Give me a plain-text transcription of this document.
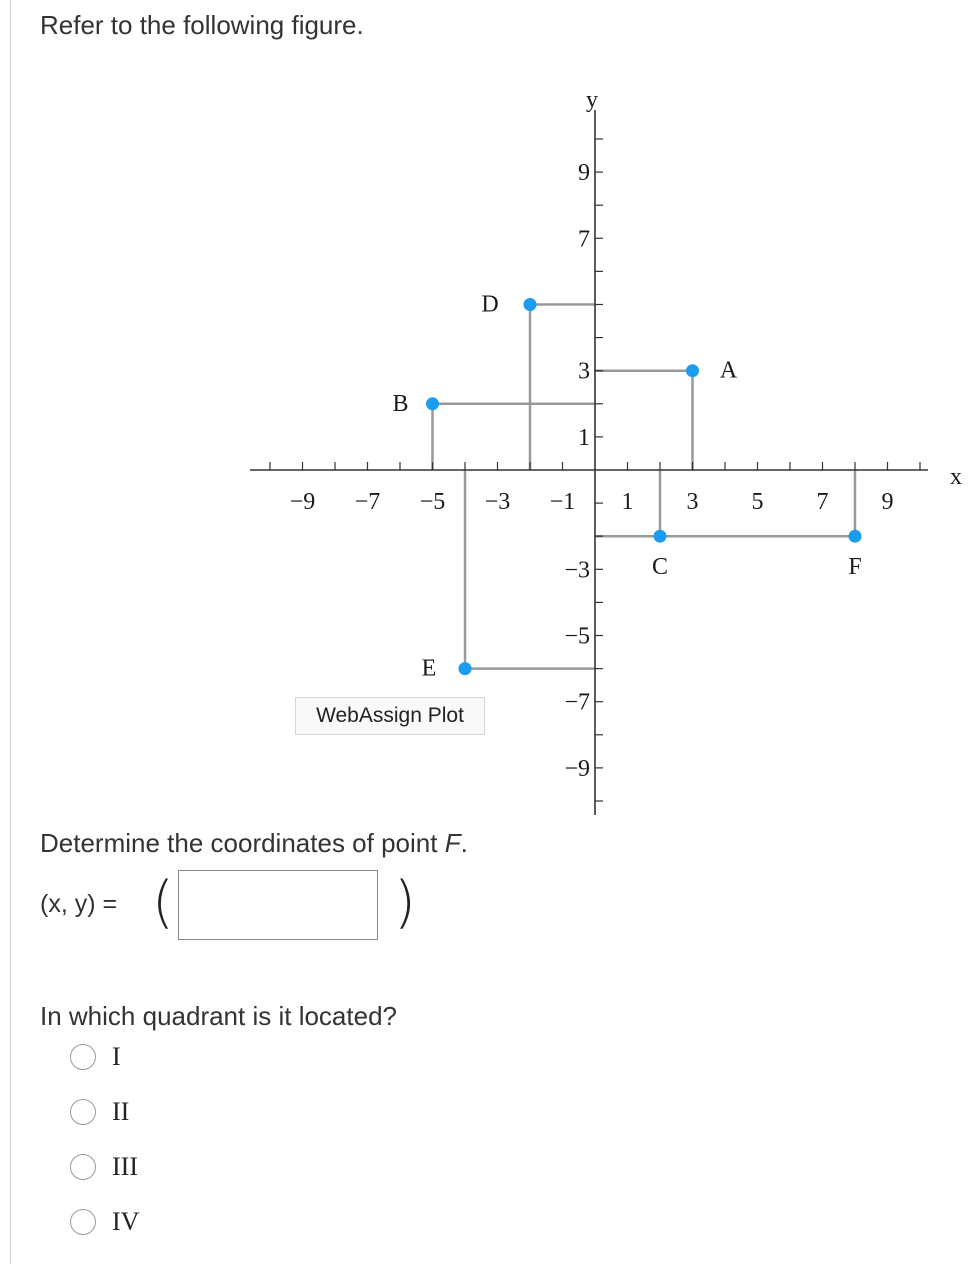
Refer to the following figure.
−9 −7 −5 −3 −1 1 3 5 7 9
9
7
3
1
−3
−5
−7
−9
x
y
A
B
C
D
E
F
WebAssign Plot
Determine the coordinates of point F.
(x, y) = (	)
In which quadrant is it located?
I
II
III
IV
